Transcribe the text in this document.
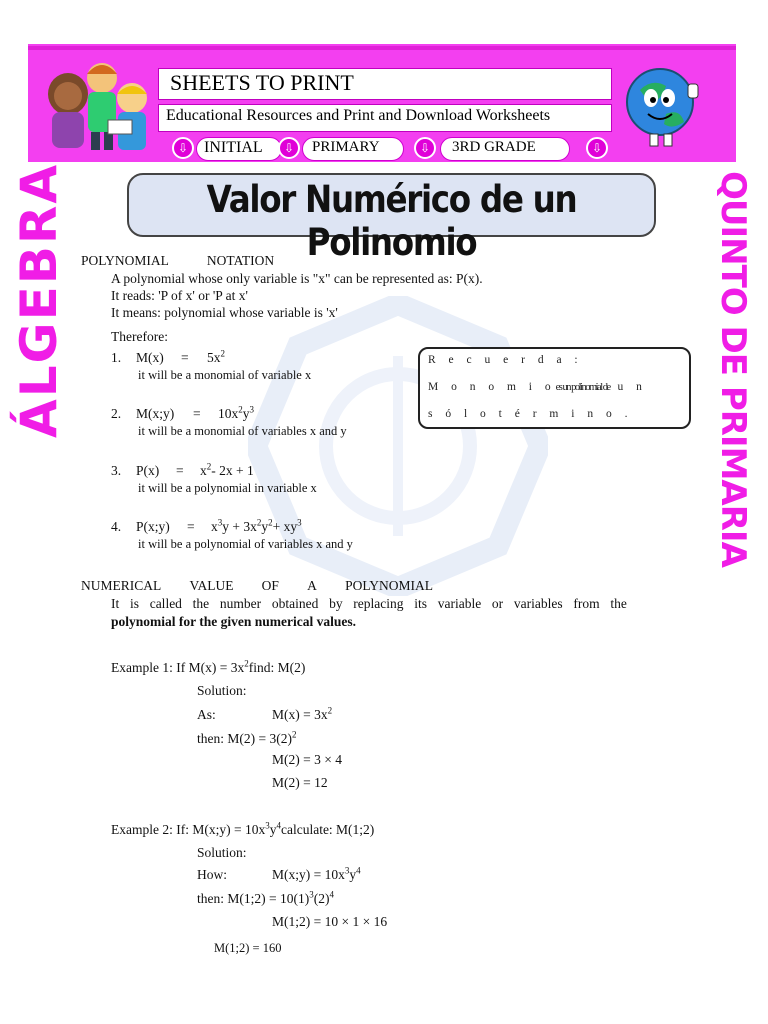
SHEETS TO PRINT
Educational Resources and Print and Download Worksheets
⇩ INITIAL	⇩	PRIMARY	⇩	3RD GRADE	⇩
ÁLGEBRA	QUINTO DE PRIMARIA
Valor Numérico de un Polinomio
POLYNOMIAL	NOTATION
A polynomial whose only variable is "x" can be represented as: P(x).
It reads: 'P of x' or 'P at x'
It means: polynomial whose variable is 'x'
Therefore:
1. $M(x) = 5x^2$
it will be a monomial of variable x
2. M(x;y) = $10x^2y^3$
it will be a monomial of variables x and y
3. $P(x) = x^2-$ 2x + 1
it will be a polynomial in variable x
4. P(x;y) = $x^3y + 3x^2y^2+ xy^3$
it will be a polynomial of variables x and y
R e c u e r d a :
M o n o m i oes un polinomial de u n
s ó l o t é r m i n o .
NUMERICAL VALUE OF A POLYNOMIAL
It is called the number obtained by replacing its variable or variables from the
polynomial for the given numerical values.
Example 1: If $M(x) = 3x^2find$: M(2)
Solution:
As:	$M(x) = 3x^2$
then: $M(2) = 3(2)^2$
M(2) = 3 × 4
M(2) = 12
Example 2: If: M(x;y) = $10x^3y^4calculate$: M(1;2)
Solution:
How:	M(x;y) = $10x^3y^4$
then: M(1;2) = $10(1)^3(2)^4$
M(1;2) = 10 × 1 × 16
M(1;2) = 160
